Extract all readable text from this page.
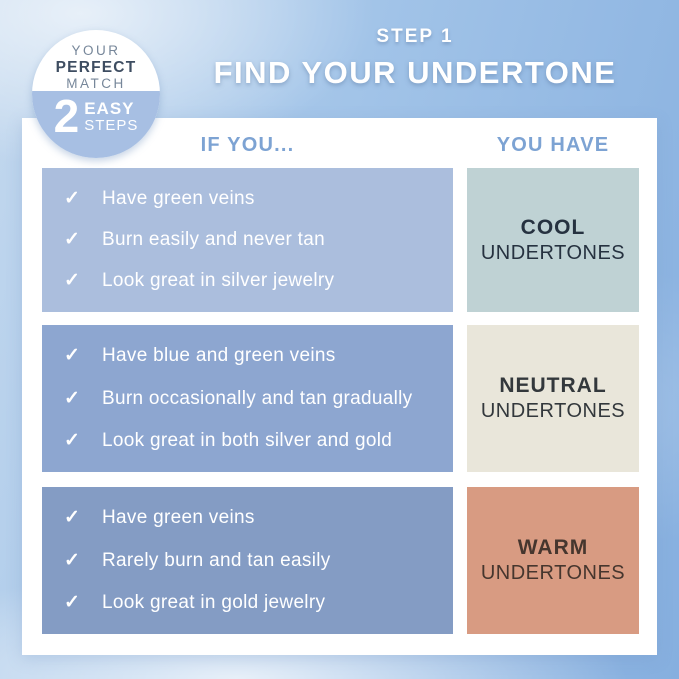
STEP 1
FIND YOUR UNDERTONE
IF YOU...	YOU HAVE
✓	Have green veins
✓	Burn easily and never tan
✓	Look great in silver jewelry
COOL
UNDERTONES
✓	Have blue and green veins
✓	Burn occasionally and tan gradually
✓	Look great in both silver and gold
NEUTRAL
UNDERTONES
✓	Have green veins
✓	Rarely burn and tan easily
✓	Look great in gold jewelry
WARM
UNDERTONES
YOUR
PERFECT
MATCH
2 EASY
STEPS
